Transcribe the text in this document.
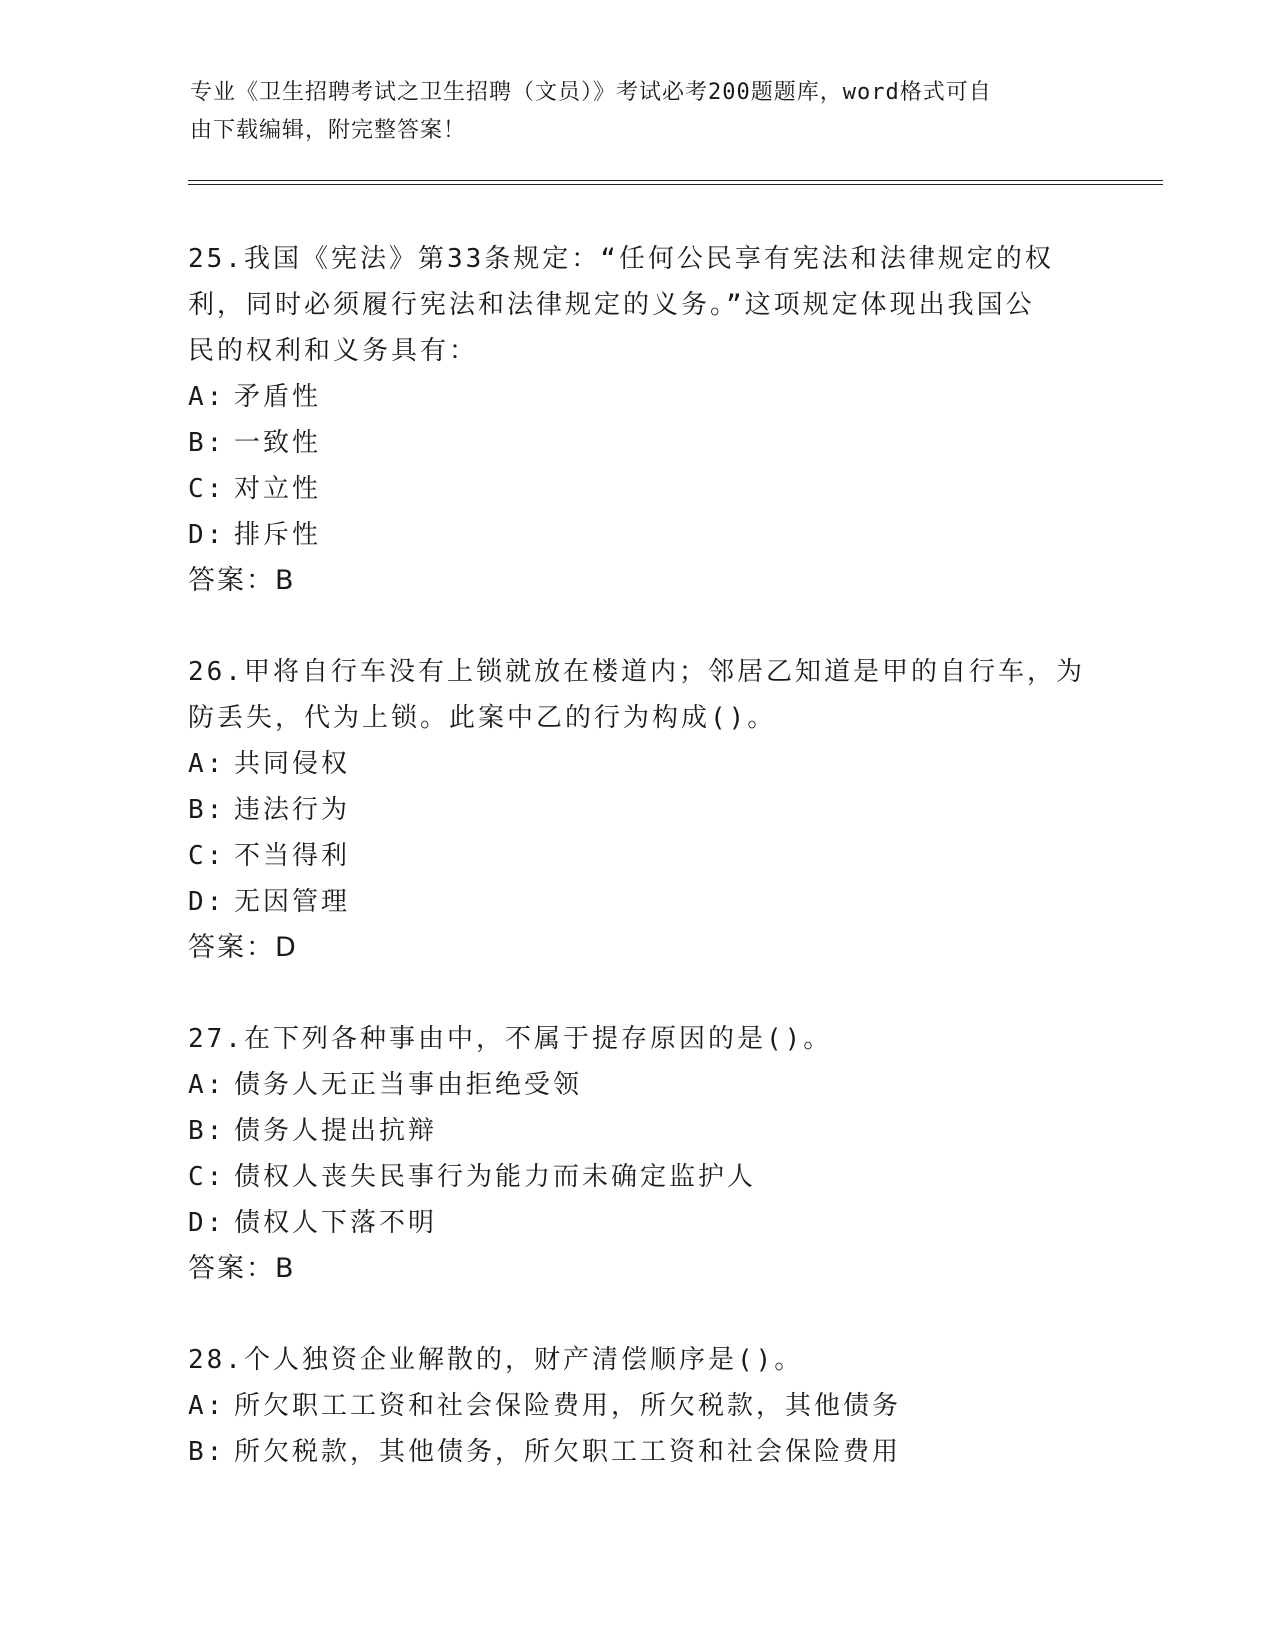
专业《卫生招聘考试之卫生招聘（文员）》考试必考200题题库，word格式可自
由下载编辑，附完整答案！
25.我国《宪法》第33条规定：“任何公民享有宪法和法律规定的权
利，同时必须履行宪法和法律规定的义务。”这项规定体现出我国公
民的权利和义务具有：
A: 矛盾性
B: 一致性
C: 对立性
D: 排斥性
答案：B
26.甲将自行车没有上锁就放在楼道内；邻居乙知道是甲的自行车，为
防丢失，代为上锁。此案中乙的行为构成()。
A: 共同侵权
B: 违法行为
C: 不当得利
D: 无因管理
答案：D
27.在下列各种事由中，不属于提存原因的是()。
A: 债务人无正当事由拒绝受领
B: 债务人提出抗辩
C: 债权人丧失民事行为能力而未确定监护人
D: 债权人下落不明
答案：B
28.个人独资企业解散的，财产清偿顺序是()。
A: 所欠职工工资和社会保险费用，所欠税款，其他债务
B: 所欠税款，其他债务，所欠职工工资和社会保险费用
